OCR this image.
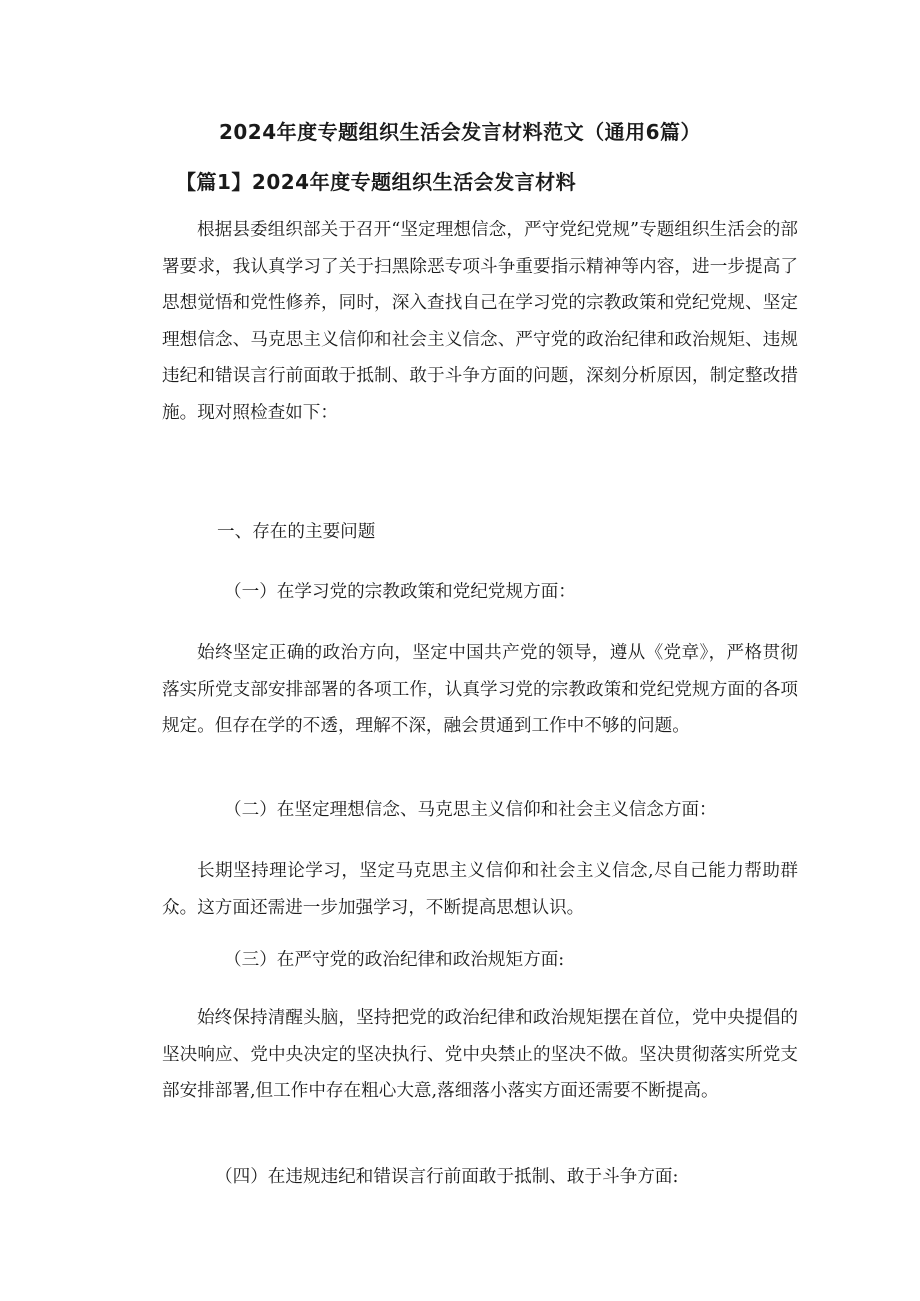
2024年度专题组织生活会发言材料范文（通用6篇）
【篇1】2024年度专题组织生活会发言材料

根据县委组织部关于召开“坚定理想信念，严守党纪党规”专题组织生活会的部署要求，我认真学习了关于扫黑除恶专项斗争重要指示精神等内容，进一步提高了思想觉悟和党性修养，同时，深入查找自己在学习党的宗教政策和党纪党规、坚定理想信念、马克思主义信仰和社会主义信念、严守党的政治纪律和政治规矩、违规违纪和错误言行前面敢于抵制、敢于斗争方面的问题，深刻分析原因，制定整改措施。现对照检查如下：

一、存在的主要问题

（一）在学习党的宗教政策和党纪党规方面：

始终坚定正确的政治方向，坚定中国共产党的领导，遵从《党章》，严格贯彻落实所党支部安排部署的各项工作，认真学习党的宗教政策和党纪党规方面的各项规定。但存在学的不透，理解不深，融会贯通到工作中不够的问题。

（二）在坚定理想信念、马克思主义信仰和社会主义信念方面：

长期坚持理论学习，坚定马克思主义信仰和社会主义信念,尽自己能力帮助群众。这方面还需进一步加强学习，不断提高思想认识。

（三）在严守党的政治纪律和政治规矩方面:

始终保持清醒头脑，坚持把党的政治纪律和政治规矩摆在首位，党中央提倡的坚决响应、党中央决定的坚决执行、党中央禁止的坚决不做。坚决贯彻落实所党支部安排部署,但工作中存在粗心大意,落细落小落实方面还需要不断提高。

（四）在违规违纪和错误言行前面敢于抵制、敢于斗争方面:
